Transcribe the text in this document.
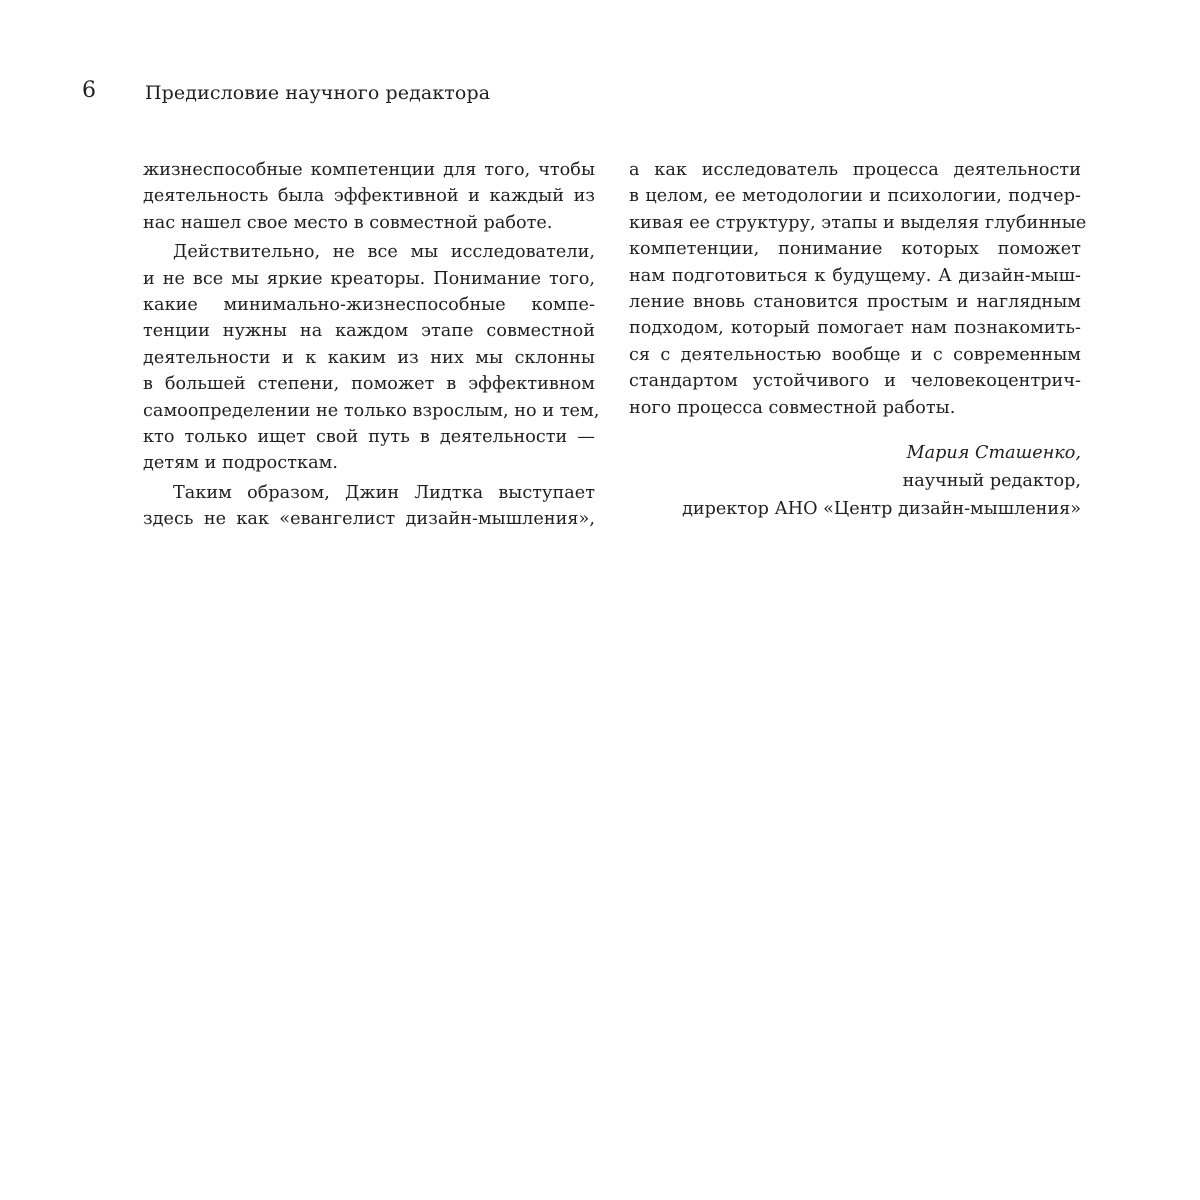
6	Предисловие научного редактора
жизнеспособные компетенции для того, чтобы
деятельность была эффективной и каждый из
нас нашел свое место в совместной работе.
Действительно, не все мы исследователи,
и не все мы яркие креаторы. Понимание того,
какие минимально-жизнеспособные компе-
тенции нужны на каждом этапе совместной
деятельности и к каким из них мы склонны
в большей степени, поможет в эффективном
самоопределении не только взрослым, но и тем,
кто только ищет свой путь в деятельности —
детям и подросткам.
Таким образом, Джин Лидтка выступает
здесь не как «евангелист дизайн-мышления»,
а как исследователь процесса деятельности
в целом, ее методологии и психологии, подчер-
кивая ее структуру, этапы и выделяя глубинные
компетенции, понимание которых поможет
нам подготовиться к будущему. А дизайн-мыш-
ление вновь становится простым и наглядным
подходом, который помогает нам познакомить-
ся с деятельностью вообще и с современным
стандартом устойчивого и человекоцентрич-
ного процесса совместной работы.
Мария Сташенко,
научный редактор,
директор АНО «Центр дизайн-мышления»
